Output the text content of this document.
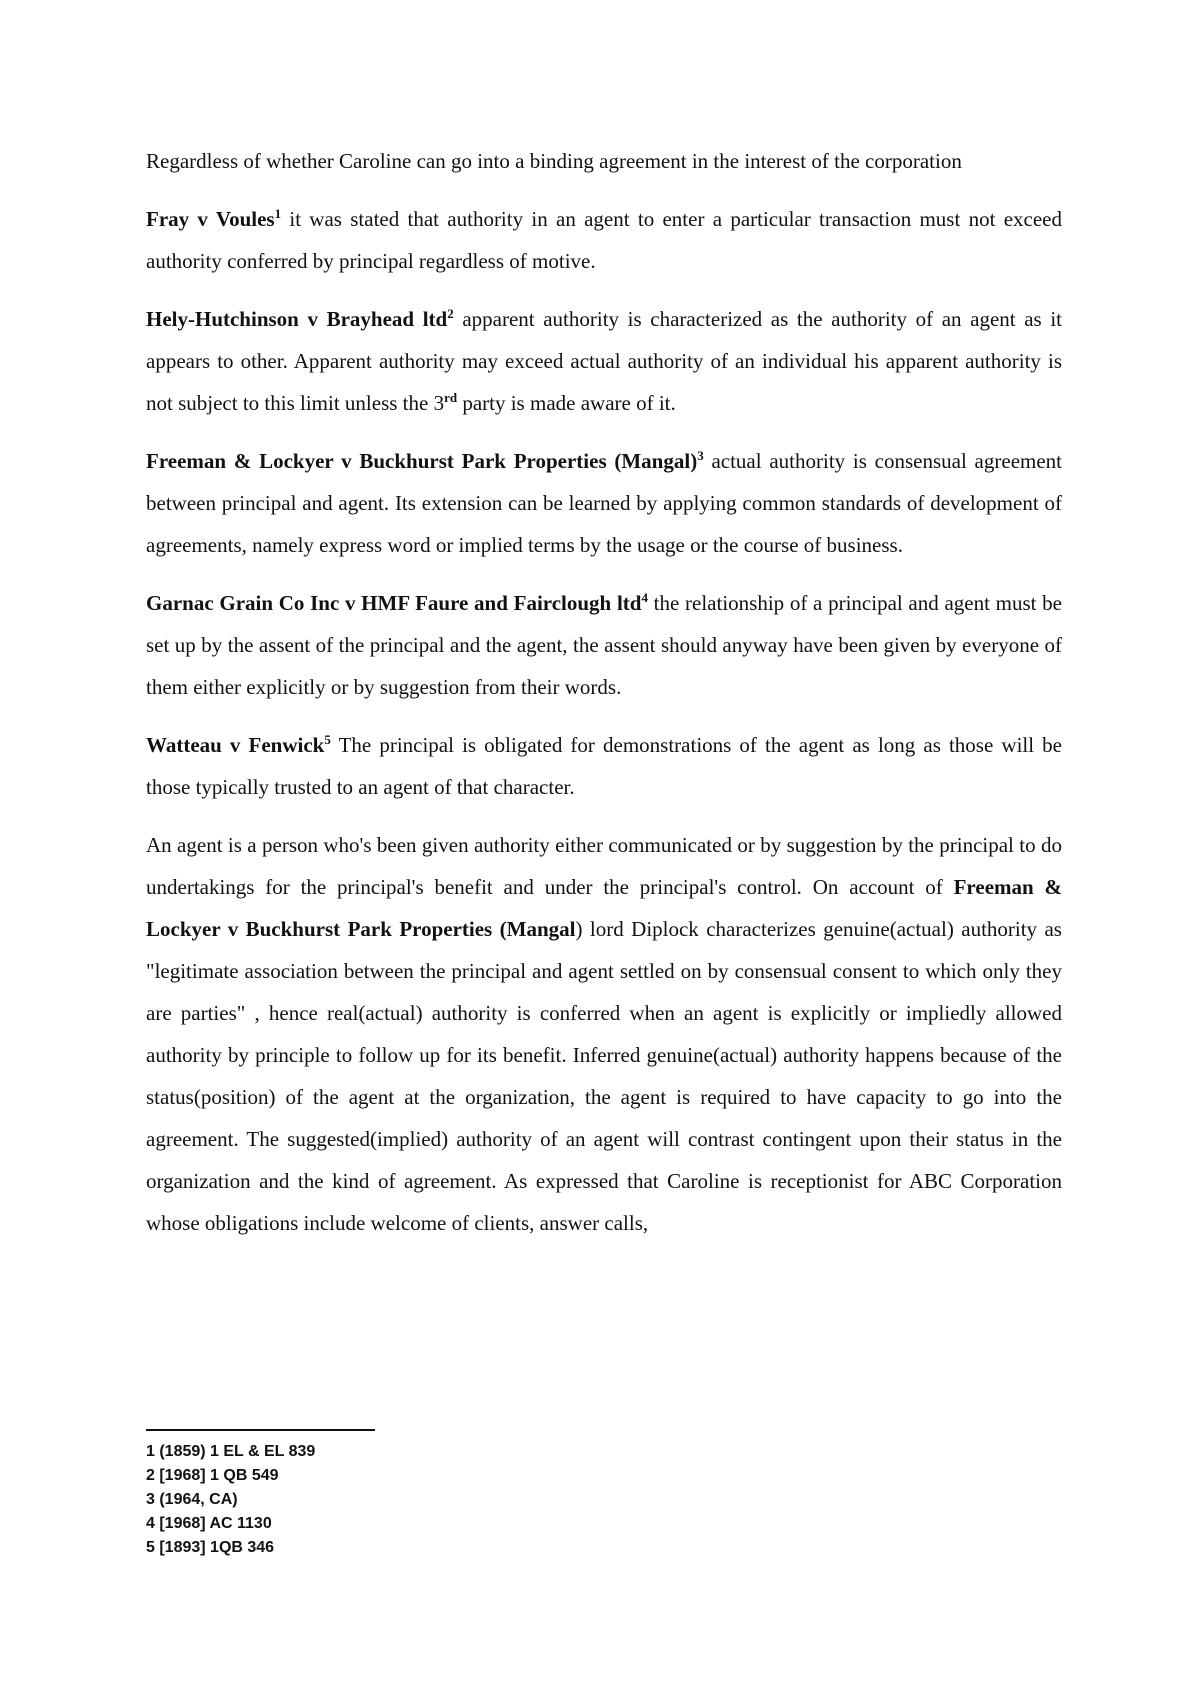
Regardless of whether Caroline can go into a binding agreement in the interest of the corporation

Fray v Voules$^1$ it was stated that authority in an agent to enter a particular transaction must not exceed authority conferred by principal regardless of motive.

Hely-Hutchinson v Brayhead ltd$^2$ apparent authority is characterized as the authority of an agent as it appears to other. Apparent authority may exceed actual authority of an individual his apparent authority is not subject to this limit unless the 3rd party is made aware of it.

Freeman & Lockyer v Buckhurst Park Properties (Mangal)$^3$ actual authority is consensual agreement between principal and agent. Its extension can be learned by applying common standards of development of agreements, namely express word or implied terms by the usage or the course of business.

Garnac Grain Co Inc v HMF Faure and Fairclough ltd$^4$ the relationship of a principal and agent must be set up by the assent of the principal and the agent, the assent should anyway have been given by everyone of them either explicitly or by suggestion from their words.

Watteau v Fenwick$^5$ The principal is obligated for demonstrations of the agent as long as those will be those typically trusted to an agent of that character.

An agent is a person who's been given authority either communicated or by suggestion by the principal to do undertakings for the principal's benefit and under the principal's control. On account of Freeman & Lockyer v Buckhurst Park Properties (Mangal) lord Diplock characterizes genuine(actual) authority as "legitimate association between the principal and agent settled on by consensual consent to which only they are parties" , hence real(actual) authority is conferred when an agent is explicitly or impliedly allowed authority by principle to follow up for its benefit. Inferred genuine(actual) authority happens because of the status(position) of the agent at the organization, the agent is required to have capacity to go into the agreement. The suggested(implied) authority of an agent will contrast contingent upon their status in the organization and the kind of agreement. As expressed that Caroline is receptionist for ABC Corporation whose obligations include welcome of clients, answer calls,

1 (1859) 1 EL & EL 839

2 [1968] 1 QB 549

3 (1964, CA)

4 [1968] AC 1130

5 [1893] 1QB 346
